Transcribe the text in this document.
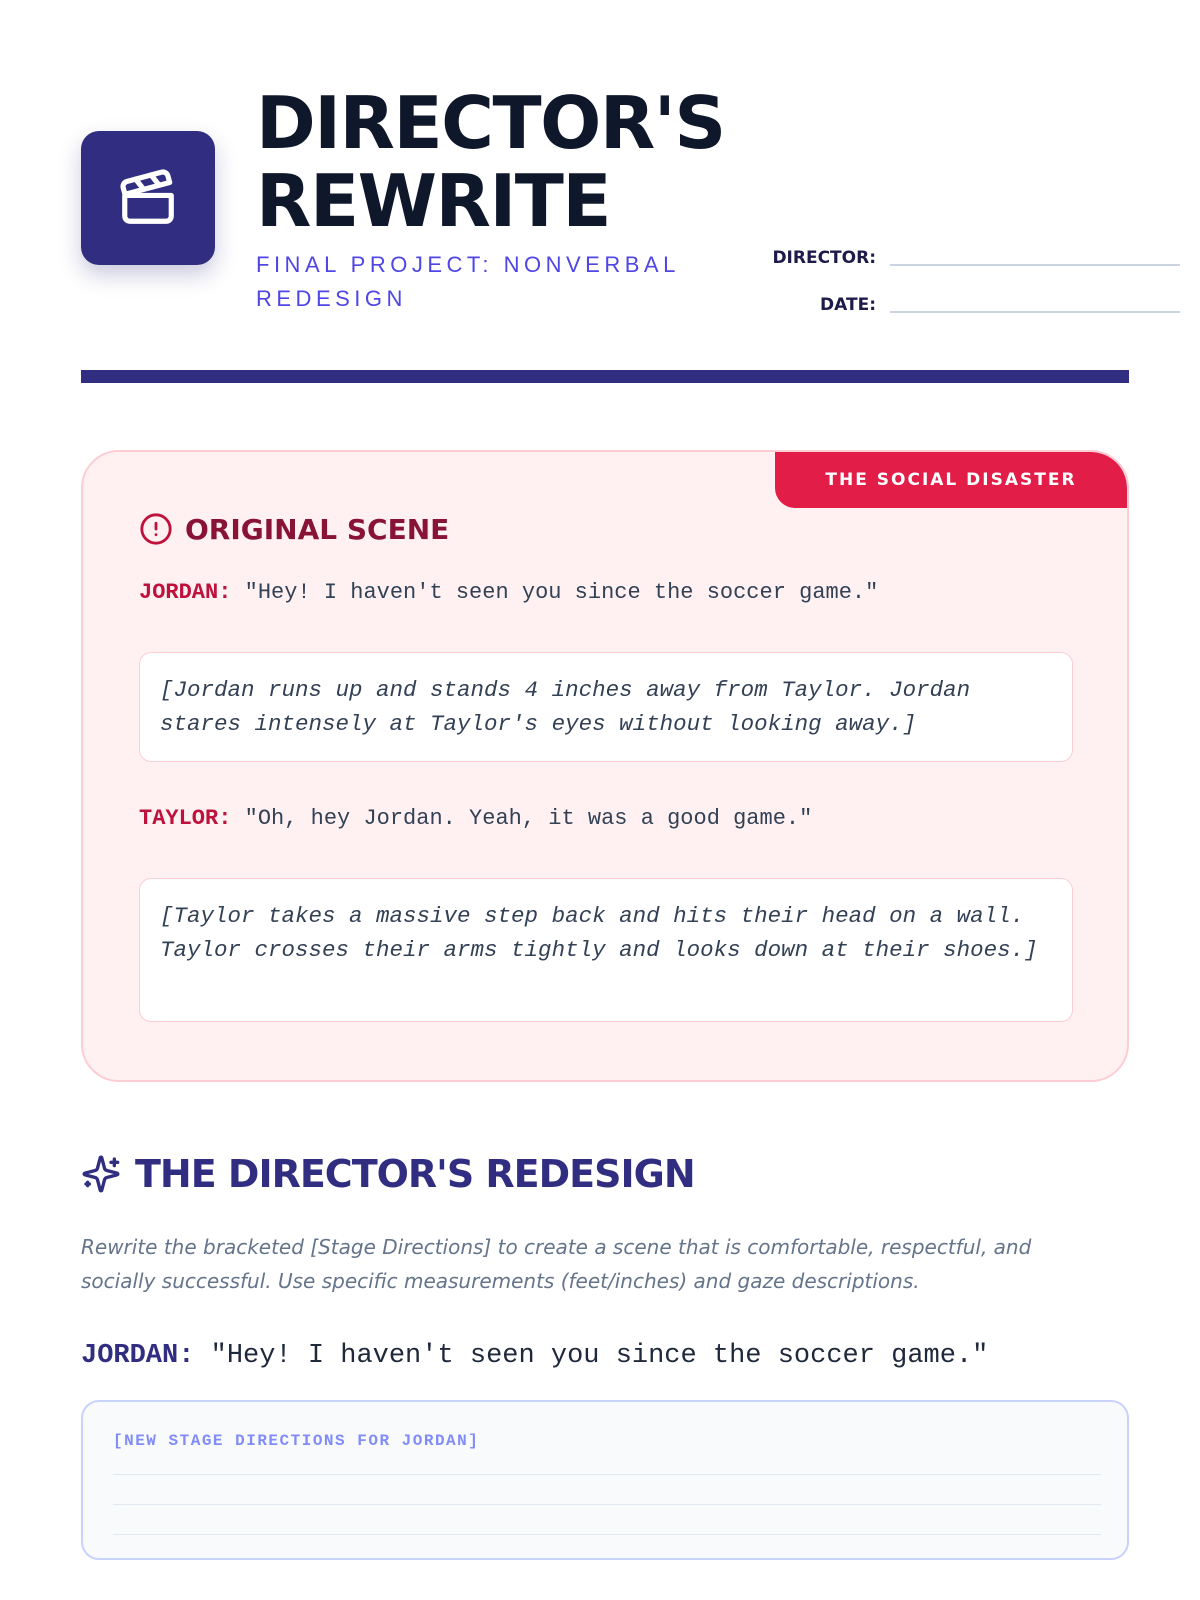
DIRECTOR'S
REWRITE
FINAL PROJECT: NONVERBAL REDESIGN
DIRECTOR:
DATE:
THE SOCIAL DISASTER
ORIGINAL SCENE
JORDAN: "Hey! I haven't seen you since the soccer game."
[Jordan runs up and stands 4 inches away from Taylor. Jordan stares intensely at Taylor's eyes without looking away.]
TAYLOR: "Oh, hey Jordan. Yeah, it was a good game."
[Taylor takes a massive step back and hits their head on a wall. Taylor crosses their arms tightly and looks down at their shoes.]
THE DIRECTOR'S REDESIGN
Rewrite the bracketed [Stage Directions] to create a scene that is comfortable, respectful, and socially successful. Use specific measurements (feet/inches) and gaze descriptions.
JORDAN: "Hey! I haven't seen you since the soccer game."
[NEW STAGE DIRECTIONS FOR JORDAN]
